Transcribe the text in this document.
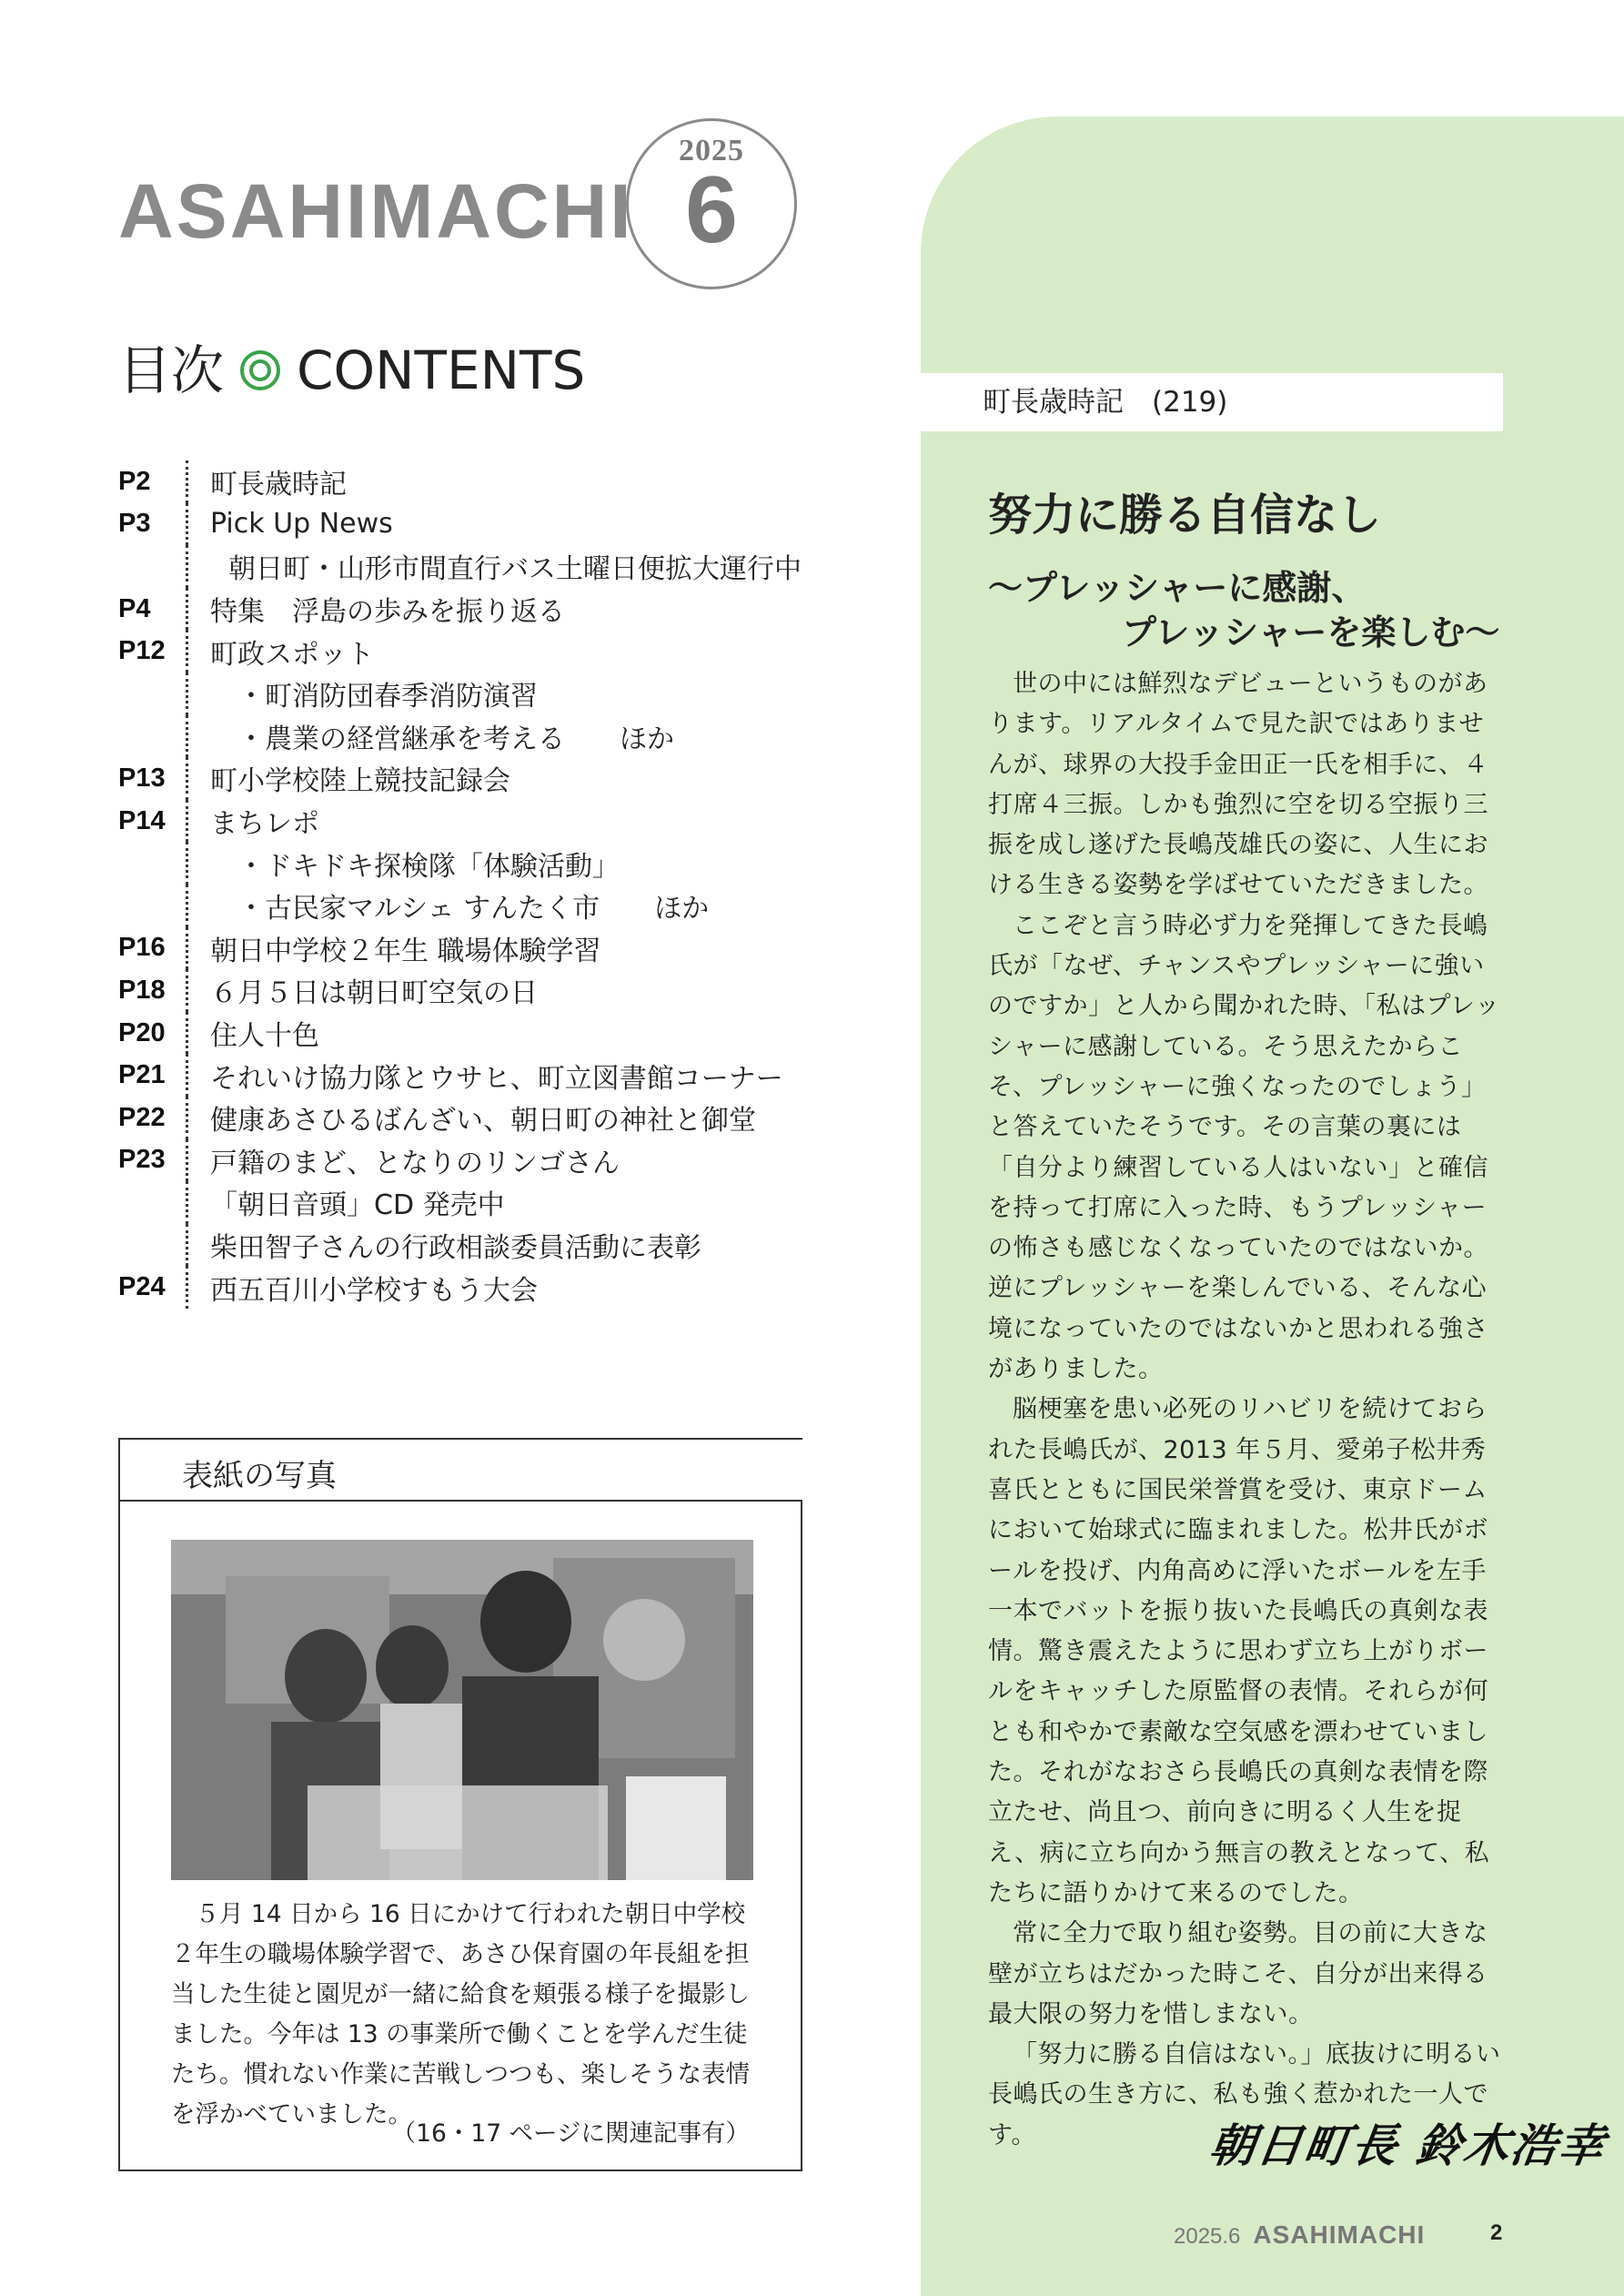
ASAHIMACHI
2025
6
目次 CONTENTS
P2	町長歳時記
P3	Pick Up News
朝日町・山形市間直行バス土曜日便拡大運行中
P4	特集　浮島の歩みを振り返る
P12	町政スポット
・町消防団春季消防演習
・農業の経営継承を考える ほか
P13	町小学校陸上競技記録会
P14	まちレポ
・ドキドキ探検隊「体験活動」
・古民家マルシェ すんたく市 ほか
P16	朝日中学校２年生 職場体験学習
P18	６月５日は朝日町空気の日
P20	住人十色
P21	それいけ協力隊とウサヒ、町立図書館コーナー
P22	健康あさひるばんざい、朝日町の神社と御堂
P23	戸籍のまど、となりのリンゴさん
「朝日音頭」CD 発売中
柴田智子さんの行政相談委員活動に表彰
P24	西五百川小学校すもう大会
表紙の写真

５月 14 日から 16 日にかけて行われた朝日中学校２年生の職場体験学習で、あさひ保育園の年長組を担当した生徒と園児が一緒に給食を頬張る様子を撮影しました。今年は 13 の事業所で働くことを学んだ生徒たち。慣れない作業に苦戦しつつも、楽しそうな表情を浮かべていました。

（16・17 ページに関連記事有）
町長歳時記　(219)
努力に勝る自信なし
〜プレッシャーに感謝、
プレッシャーを楽しむ〜

世の中には鮮烈なデビューというものがあります。リアルタイムで見た訳ではありませんが、球界の大投手金田正一氏を相手に、４打席４三振。しかも強烈に空を切る空振り三振を成し遂げた長嶋茂雄氏の姿に、人生における生きる姿勢を学ばせていただきました。

ここぞと言う時必ず力を発揮してきた長嶋氏が「なぜ、チャンスやプレッシャーに強いのですか」と人から聞かれた時、「私はプレッシャーに感謝している。そう思えたからこそ、プレッシャーに強くなったのでしょう」と答えていたそうです。その言葉の裏には「自分より練習している人はいない」と確信を持って打席に入った時、もうプレッシャーの怖さも感じなくなっていたのではないか。逆にプレッシャーを楽しんでいる、そんな心境になっていたのではないかと思われる強さがありました。

脳梗塞を患い必死のリハビリを続けておられた長嶋氏が、2013 年５月、愛弟子松井秀喜氏とともに国民栄誉賞を受け、東京ドームにおいて始球式に臨まれました。松井氏がボールを投げ、内角高めに浮いたボールを左手一本でバットを振り抜いた長嶋氏の真剣な表情。驚き震えたように思わず立ち上がりボールをキャッチした原監督の表情。それらが何とも和やかで素敵な空気感を漂わせていました。それがなおさら長嶋氏の真剣な表情を際立たせ、尚且つ、前向きに明るく人生を捉え、病に立ち向かう無言の教えとなって、私たちに語りかけて来るのでした。

常に全力で取り組む姿勢。目の前に大きな壁が立ちはだかった時こそ、自分が出来得る最大限の努力を惜しまない。

「努力に勝る自信はない。」底抜けに明るい長嶋氏の生き方に、私も強く惹かれた一人です。	朝日町長 鈴木浩幸
2025.6 ASAHIMACHI	2
